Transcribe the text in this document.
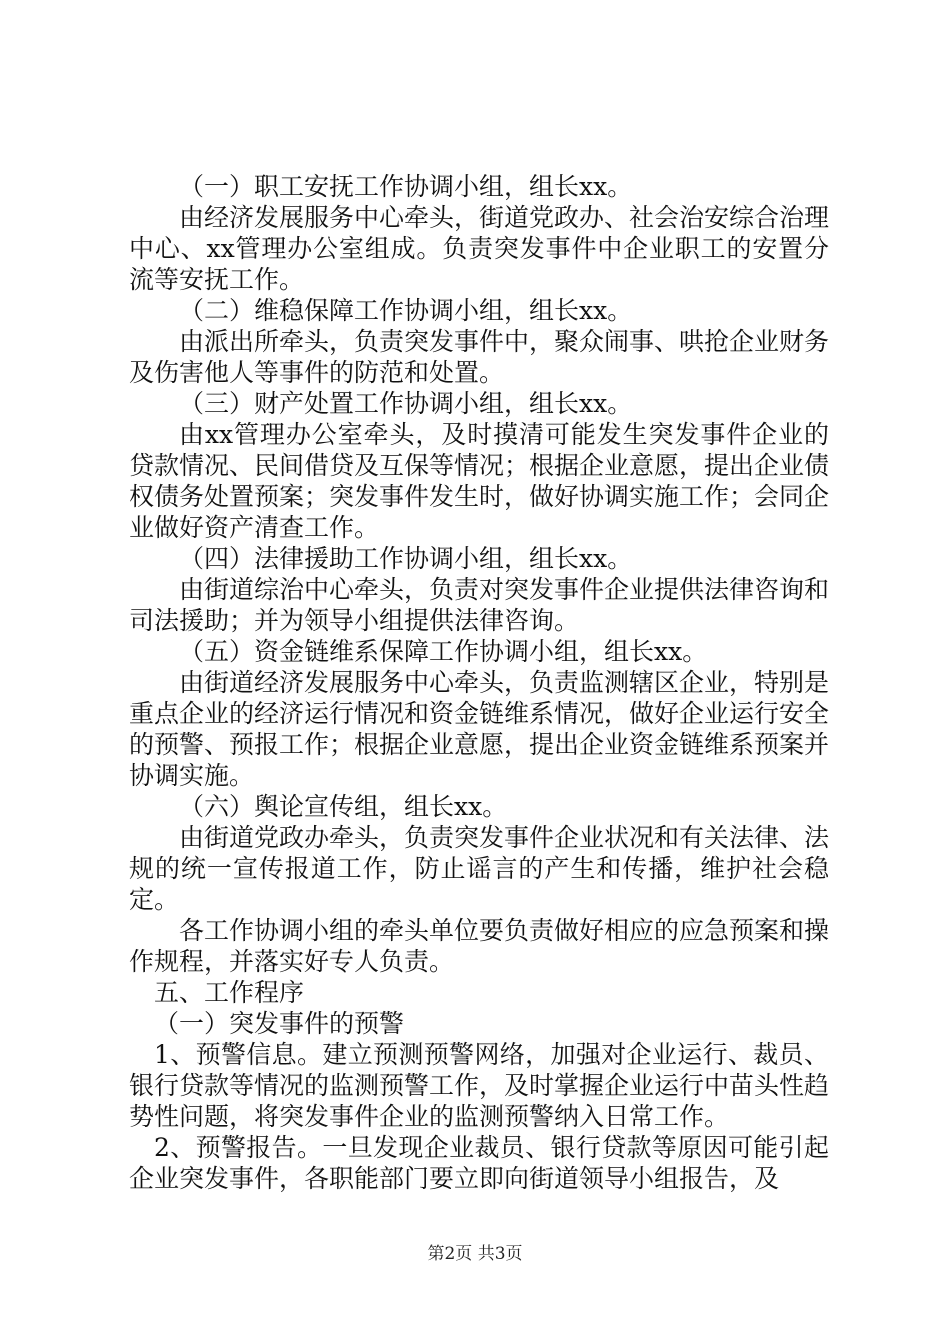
（一）职工安抚工作协调小组，组长xx。

由经济发展服务中心牵头，街道党政办、社会治安综合治理中心、xx管理办公室组成。负责突发事件中企业职工的安置分流等安抚工作。

（二）维稳保障工作协调小组，组长xx。

由派出所牵头，负责突发事件中，聚众闹事、哄抢企业财务及伤害他人等事件的防范和处置。

（三）财产处置工作协调小组，组长xx。

由xx管理办公室牵头，及时摸清可能发生突发事件企业的贷款情况、民间借贷及互保等情况；根据企业意愿，提出企业债权债务处置预案；突发事件发生时，做好协调实施工作；会同企业做好资产清查工作。

（四）法律援助工作协调小组，组长xx。

由街道综治中心牵头，负责对突发事件企业提供法律咨询和司法援助；并为领导小组提供法律咨询。

（五）资金链维系保障工作协调小组，组长xx。

由街道经济发展服务中心牵头，负责监测辖区企业，特别是重点企业的经济运行情况和资金链维系情况，做好企业运行安全的预警、预报工作；根据企业意愿，提出企业资金链维系预案并协调实施。

（六）舆论宣传组，组长xx。

由街道党政办牵头，负责突发事件企业状况和有关法律、法规的统一宣传报道工作，防止谣言的产生和传播，维护社会稳定。

各工作协调小组的牵头单位要负责做好相应的应急预案和操作规程，并落实好专人负责。

五、工作程序

（一）突发事件的预警

1、预警信息。建立预测预警网络，加强对企业运行、裁员、银行贷款等情况的监测预警工作，及时掌握企业运行中苗头性趋势性问题，将突发事件企业的监测预警纳入日常工作。

2、预警报告。一旦发现企业裁员、银行贷款等原因可能引起企业突发事件，各职能部门要立即向街道领导小组报告，及

第2页 共3页
